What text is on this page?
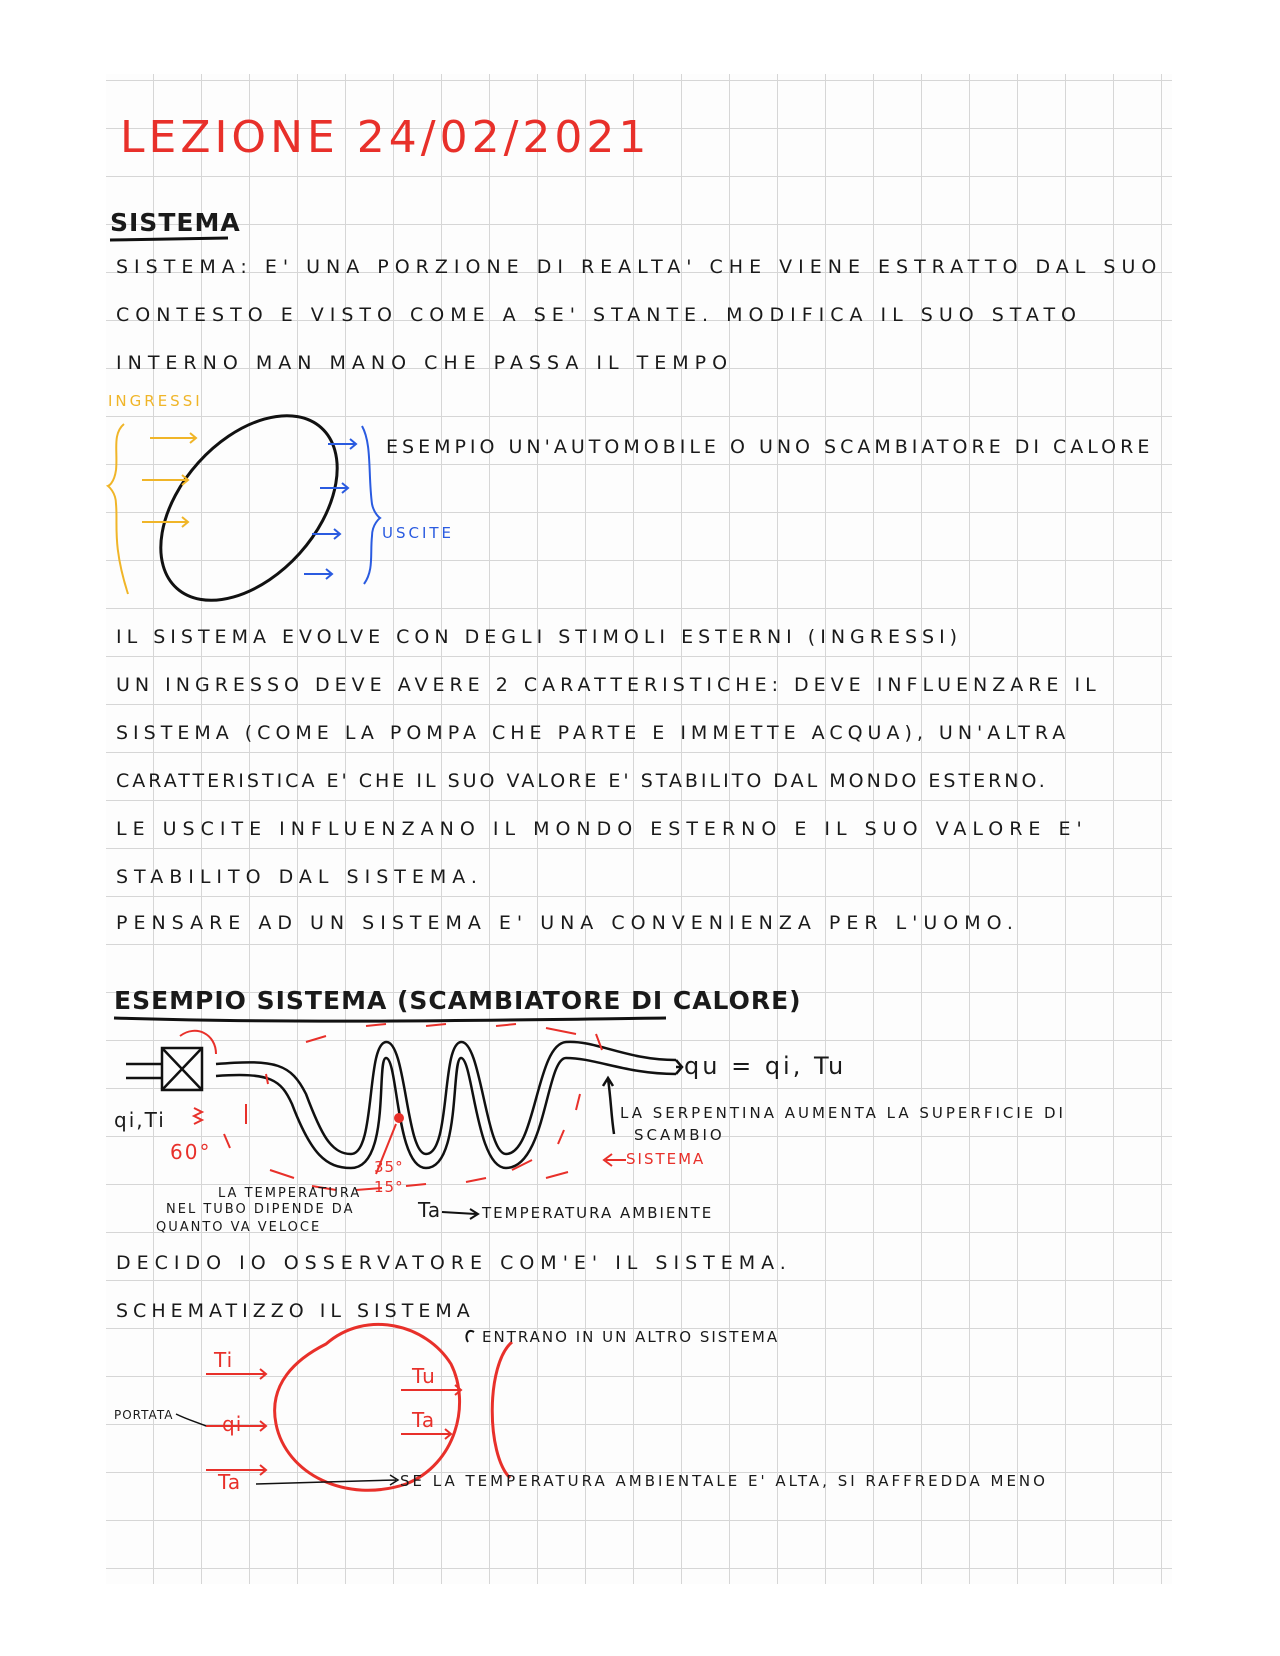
LEZIONE 24/02/2021
SISTEMA
SISTEMA: E' UNA PORZIONE DI REALTA' CHE VIENE ESTRATTO DAL SUO
CONTESTO E VISTO COME A SE' STANTE. MODIFICA IL SUO STATO
INTERNO MAN MANO CHE PASSA IL TEMPO
INGRESSI
USCITE
ESEMPIO UN'AUTOMOBILE O UNO SCAMBIATORE DI CALORE
IL SISTEMA EVOLVE CON DEGLI STIMOLI ESTERNI (INGRESSI)
UN INGRESSO DEVE AVERE 2 CARATTERISTICHE: DEVE INFLUENZARE IL
SISTEMA (COME LA POMPA CHE PARTE E IMMETTE ACQUA), UN'ALTRA
CARATTERISTICA E' CHE IL SUO VALORE E' STABILITO DAL MONDO ESTERNO.
LE USCITE INFLUENZANO IL MONDO ESTERNO E IL SUO VALORE E'
STABILITO DAL SISTEMA.
PENSARE AD UN SISTEMA E' UNA CONVENIENZA PER L'UOMO.
ESEMPIO SISTEMA (SCAMBIATORE DI CALORE)
qu = qi, Tu
qi,Ti
60°
35°
15°
LA SERPENTINA AUMENTA LA SUPERFICIE DI
SCAMBIO
SISTEMA
Ta	TEMPERATURA AMBIENTE
LA TEMPERATURA
NEL TUBO DIPENDE DA
QUANTO VA VELOCE
DECIDO IO OSSERVATORE COM'E' IL SISTEMA.
SCHEMATIZZO IL SISTEMA
ENTRANO IN UN ALTRO SISTEMA
Ti
qi
Ta
Tu
Ta
PORTATA
SE LA TEMPERATURA AMBIENTALE E' ALTA, SI RAFFREDDA MENO
